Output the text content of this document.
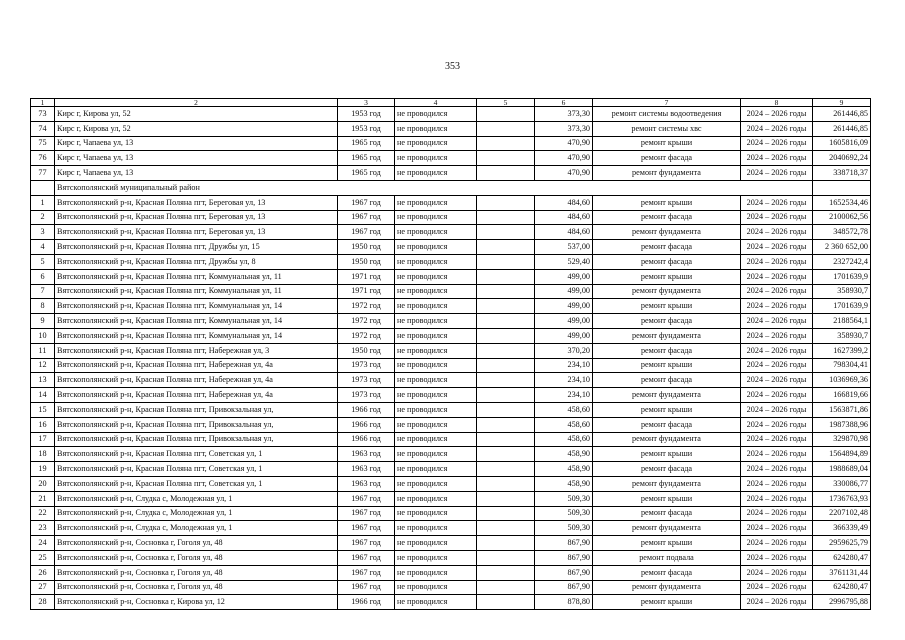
353
1	2	3	4	5	6	7	8	9
73	Кирс г, Кирова ул, 52	1953 год	не проводился		373,30	ремонт системы водоотведения	2024 – 2026 годы	261446,85
74	Кирс г, Кирова ул, 52	1953 год	не проводился		373,30	ремонт системы хвс	2024 – 2026 годы	261446,85
75	Кирс г, Чапаева ул, 13	1965 год	не проводился		470,90	ремонт крыши	2024 – 2026 годы	1605816,09
76	Кирс г, Чапаева ул, 13	1965 год	не проводился		470,90	ремонт фасада	2024 – 2026 годы	2040692,24
77	Кирс г, Чапаева ул, 13	1965 год	не проводился		470,90	ремонт фундамента	2024 – 2026 годы	338718,37
	Вятскополянский муниципальный район							
1	Вятскополянский р-н, Красная Поляна пгт, Береговая ул, 13	1967 год	не проводился		484,60	ремонт крыши	2024 – 2026 годы	1652534,46
2	Вятскополянский р-н, Красная Поляна пгт, Береговая ул, 13	1967 год	не проводился		484,60	ремонт фасада	2024 – 2026 годы	2100062,56
3	Вятскополянский р-н, Красная Поляна пгт, Береговая ул, 13	1967 год	не проводился		484,60	ремонт фундамента	2024 – 2026 годы	348572,78
4	Вятскополянский р-н, Красная Поляна пгт, Дружбы ул, 15	1950 год	не проводился		537,00	ремонт фасада	2024 – 2026 годы	2 360 652,00
5	Вятскополянский р-н, Красная Поляна пгт, Дружбы ул, 8	1950 год	не проводился		529,40	ремонт фасада	2024 – 2026 годы	2327242,4
6	Вятскополянский р-н, Красная Поляна пгт, Коммунальная ул, 11	1971 год	не проводился		499,00	ремонт крыши	2024 – 2026 годы	1701639,9
7	Вятскополянский р-н, Красная Поляна пгт, Коммунальная ул, 11	1971 год	не проводился		499,00	ремонт фундамента	2024 – 2026 годы	358930,7
8	Вятскополянский р-н, Красная Поляна пгт, Коммунальная ул, 14	1972 год	не проводился		499,00	ремонт крыши	2024 – 2026 годы	1701639,9
9	Вятскополянский р-н, Красная Поляна пгт, Коммунальная ул, 14	1972 год	не проводился		499,00	ремонт фасада	2024 – 2026 годы	2188564,1
10	Вятскополянский р-н, Красная Поляна пгт, Коммунальная ул, 14	1972 год	не проводился		499,00	ремонт фундамента	2024 – 2026 годы	358930,7
11	Вятскополянский р-н, Красная Поляна пгт, Набережная ул, 3	1950 год	не проводился		370,20	ремонт фасада	2024 – 2026 годы	1627399,2
12	Вятскополянский р-н, Красная Поляна пгт, Набережная ул, 4а	1973 год	не проводился		234,10	ремонт крыши	2024 – 2026 годы	798304,41
13	Вятскополянский р-н, Красная Поляна пгт, Набережная ул, 4а	1973 год	не проводился		234,10	ремонт фасада	2024 – 2026 годы	1036969,36
14	Вятскополянский р-н, Красная Поляна пгт, Набережная ул, 4а	1973 год	не проводился		234,10	ремонт фундамента	2024 – 2026 годы	166819,66
15	Вятскополянский р-н, Красная Поляна пгт, Привокзальная ул,	1966 год	не проводился		458,60	ремонт крыши	2024 – 2026 годы	1563871,86
16	Вятскополянский р-н, Красная Поляна пгт, Привокзальная ул,	1966 год	не проводился		458,60	ремонт фасада	2024 – 2026 годы	1987388,96
17	Вятскополянский р-н, Красная Поляна пгт, Привокзальная ул,	1966 год	не проводился		458,60	ремонт фундамента	2024 – 2026 годы	329870,98
18	Вятскополянский р-н, Красная Поляна пгт, Советская ул, 1	1963 год	не проводился		458,90	ремонт крыши	2024 – 2026 годы	1564894,89
19	Вятскополянский р-н, Красная Поляна пгт, Советская ул, 1	1963 год	не проводился		458,90	ремонт фасада	2024 – 2026 годы	1988689,04
20	Вятскополянский р-н, Красная Поляна пгт, Советская ул, 1	1963 год	не проводился		458,90	ремонт фундамента	2024 – 2026 годы	330086,77
21	Вятскополянский р-н, Слудка с, Молодежная ул, 1	1967 год	не проводился		509,30	ремонт крыши	2024 – 2026 годы	1736763,93
22	Вятскополянский р-н, Слудка с, Молодежная ул, 1	1967 год	не проводился		509,30	ремонт фасада	2024 – 2026 годы	2207102,48
23	Вятскополянский р-н, Слудка с, Молодежная ул, 1	1967 год	не проводился		509,30	ремонт фундамента	2024 – 2026 годы	366339,49
24	Вятскополянский р-н, Сосновка г, Гоголя ул, 48	1967 год	не проводился		867,90	ремонт крыши	2024 – 2026 годы	2959625,79
25	Вятскополянский р-н, Сосновка г, Гоголя ул, 48	1967 год	не проводился		867,90	ремонт подвала	2024 – 2026 годы	624280,47
26	Вятскополянский р-н, Сосновка г, Гоголя ул, 48	1967 год	не проводился		867,90	ремонт фасада	2024 – 2026 годы	3761131,44
27	Вятскополянский р-н, Сосновка г, Гоголя ул, 48	1967 год	не проводился		867,90	ремонт фундамента	2024 – 2026 годы	624280,47
28	Вятскополянский р-н, Сосновка г, Кирова ул, 12	1966 год	не проводился		878,80	ремонт крыши	2024 – 2026 годы	2996795,88
